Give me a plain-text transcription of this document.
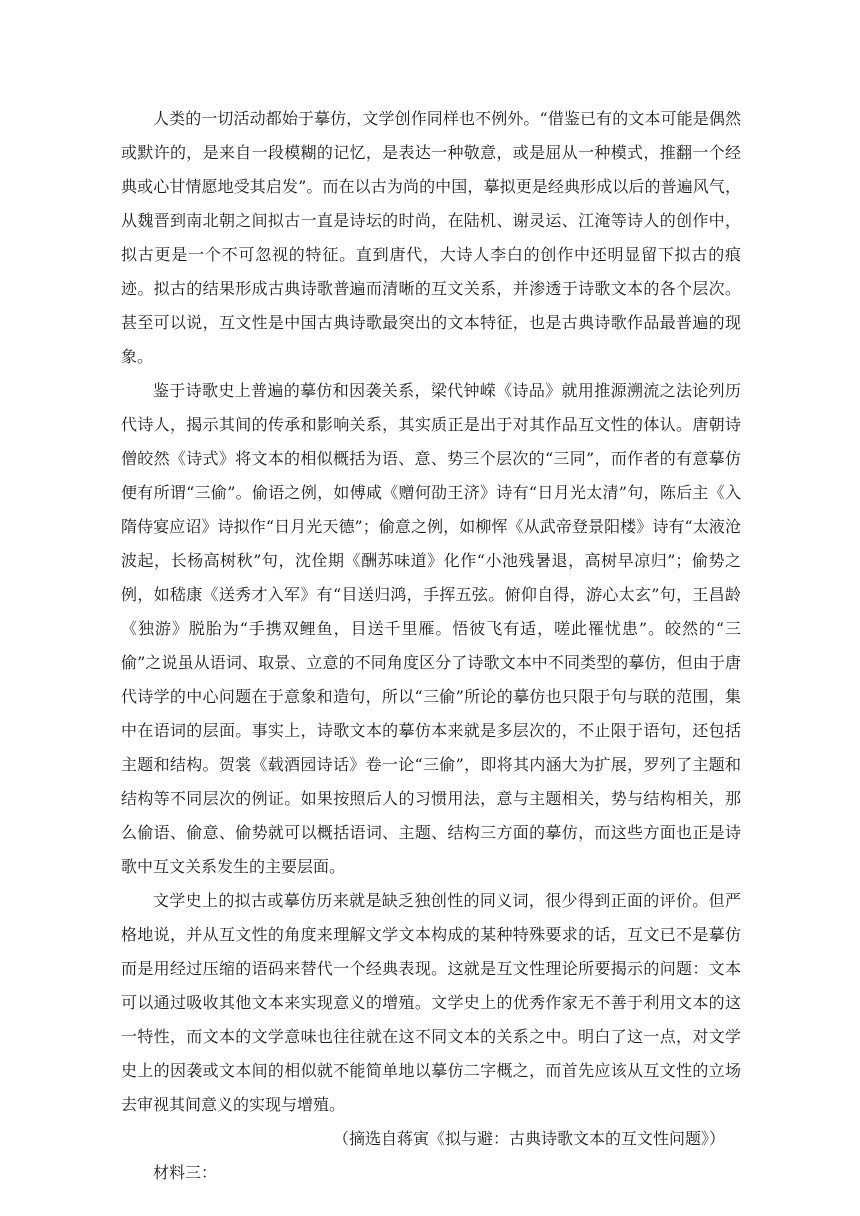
人类的一切活动都始于摹仿，文学创作同样也不例外。“借鉴已有的文本可能是偶然或默许的，是来自一段模糊的记忆，是表达一种敬意，或是屈从一种模式，推翻一个经典或心甘情愿地受其启发”。而在以古为尚的中国，摹拟更是经典形成以后的普遍风气，从魏晋到南北朝之间拟古一直是诗坛的时尚，在陆机、谢灵运、江淹等诗人的创作中，拟古更是一个不可忽视的特征。直到唐代，大诗人李白的创作中还明显留下拟古的痕迹。拟古的结果形成古典诗歌普遍而清晰的互文关系，并渗透于诗歌文本的各个层次。甚至可以说，互文性是中国古典诗歌最突出的文本特征，也是古典诗歌作品最普遍的现象。

鉴于诗歌史上普遍的摹仿和因袭关系，梁代钟嵘《诗品》就用推源溯流之法论列历代诗人，揭示其间的传承和影响关系，其实质正是出于对其作品互文性的体认。唐朝诗僧皎然《诗式》将文本的相似概括为语、意、势三个层次的“三同”，而作者的有意摹仿便有所谓“三偷”。偷语之例，如傅咸《赠何劭王济》诗有“日月光太清”句，陈后主《入隋侍宴应诏》诗拟作“日月光天德”；偷意之例，如柳恽《从武帝登景阳楼》诗有“太液沧波起，长杨高树秋”句，沈佺期《酬苏味道》化作“小池残暑退，高树早凉归”；偷势之例，如嵇康《送秀才入军》有“目送归鸿，手挥五弦。俯仰自得，游心太玄”句，王昌龄《独游》脱胎为“手携双鲤鱼，目送千里雁。悟彼飞有适，嗟此罹忧患”。皎然的“三偷”之说虽从语词、取景、立意的不同角度区分了诗歌文本中不同类型的摹仿，但由于唐代诗学的中心问题在于意象和造句，所以“三偷”所论的摹仿也只限于句与联的范围，集中在语词的层面。事实上，诗歌文本的摹仿本来就是多层次的，不止限于语句，还包括主题和结构。贺裳《载酒园诗话》卷一论“三偷”，即将其内涵大为扩展，罗列了主题和结构等不同层次的例证。如果按照后人的习惯用法，意与主题相关，势与结构相关，那么偷语、偷意、偷势就可以概括语词、主题、结构三方面的摹仿，而这些方面也正是诗歌中互文关系发生的主要层面。

文学史上的拟古或摹仿历来就是缺乏独创性的同义词，很少得到正面的评价。但严格地说，并从互文性的角度来理解文学文本构成的某种特殊要求的话，互文已不是摹仿而是用经过压缩的语码来替代一个经典表现。这就是互文性理论所要揭示的问题：文本可以通过吸收其他文本来实现意义的增殖。文学史上的优秀作家无不善于利用文本的这一特性，而文本的文学意味也往往就在这不同文本的关系之中。明白了这一点，对文学史上的因袭或文本间的相似就不能简单地以摹仿二字概之，而首先应该从互文性的立场去审视其间意义的实现与增殖。

（摘选自蒋寅《拟与避：古典诗歌文本的互文性问题》）

材料三：
